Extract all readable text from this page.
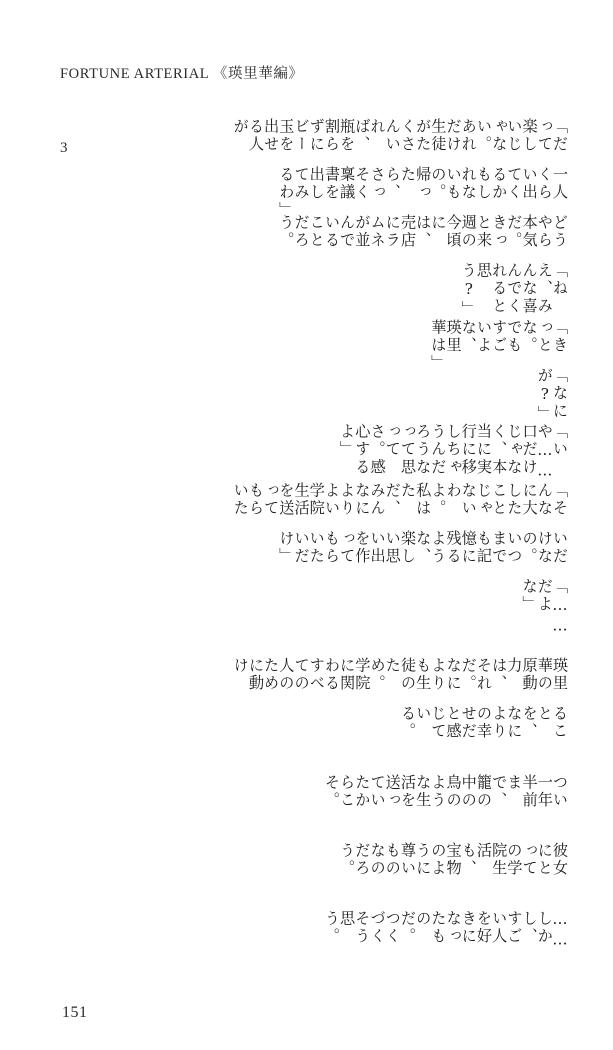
FORTUNE ARTERIAL 《瑛里華編》
3	「だって楽しいじゃない。あれだけ生徒がたくさんいれば、瓶を割らずにビー玉を出せる人が
一人くらい出てくるかもしれないもの。帰ったら、さっそく稟議書を出してみるわ」
どうやら本気だ。きっと来週の今頃には、売店にラムネが並んでいることだろう。
「ねえ、みんな喜んでくれると思う?」
「きっとな。でもすごいよな、瑛里華は」
「なにが?」
「いや……口だけじゃなく、本当に実行に移しちゃうんだろうなって思ってさ。感心するよ」
「そんなに大したことじゃないわよ。私はただ、みんなによりよい学院生活を送ってもらいた
いだけなの。いつまでも記憶に残るような、楽しい思い出を作ってもらいたいだけ」
「……だよな」
瑛里華の原動力は、それだ。なによりも生徒のため。学院に関わるすべての人のために動け
ることを、なによりの幸せだと感じている。
つい一年半前まで、籠の中の鳥のような生活を送っていたからこそ。
彼女にとっての学院生活も、宝物のように尊いものなのだろう。
……しかし、すごい人を好きになったものだ。つくづくそう思う。
151
